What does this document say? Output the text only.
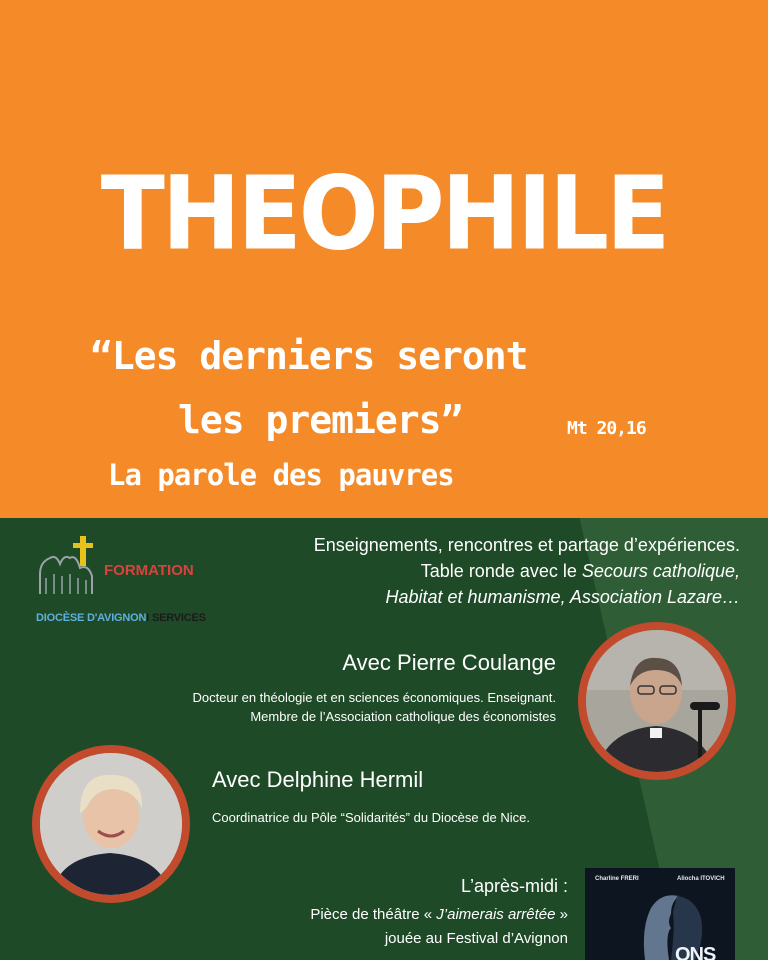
THEOPHILE
“Les derniers seront
les premiers”	Mt 20,16
La parole des pauvres
FORMATION
DIOCÈSE D'AVIGNONI SERVICES
Enseignements, rencontres et partage d’expériences.
Table ronde avec le Secours catholique,
Habitat et humanisme, Association Lazare…
Avec Pierre Coulange
Docteur en théologie et en sciences économiques. Enseignant.
Membre de l’Association catholique des économistes
Avec Delphine Hermil
Coordinatrice du Pôle “Solidarités” du Diocèse de Nice.
L’après-midi :
Pièce de théâtre « J’aimerais arrêtée »
jouée au Festival d’Avignon
Charline FRERI	Aliocha ITOVICH
ONS
